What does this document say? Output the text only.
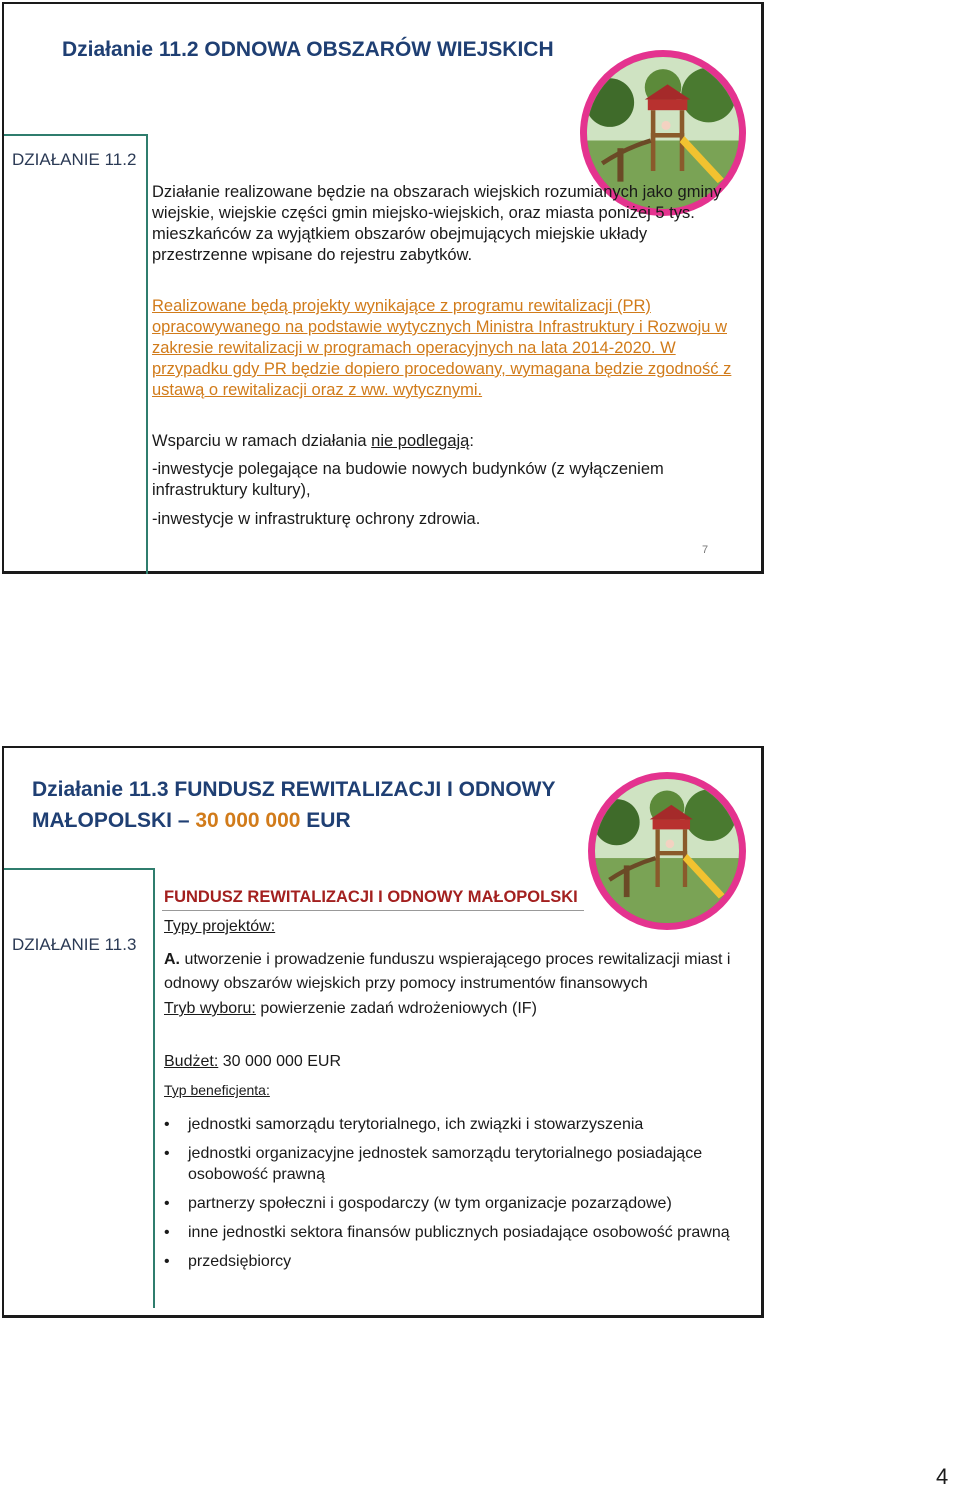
Działanie 11.2 ODNOWA OBSZARÓW WIEJSKICH
DZIAŁANIE 11.2
Działanie realizowane będzie na obszarach wiejskich rozumianych jako gminy wiejskie, wiejskie części gmin miejsko-wiejskich, oraz miasta poniżej 5 tys. mieszkańców za wyjątkiem obszarów obejmujących miejskie układy przestrzenne wpisane do rejestru zabytków.
Realizowane będą projekty wynikające z programu rewitalizacji (PR) opracowywanego na podstawie wytycznych Ministra Infrastruktury i Rozwoju w zakresie rewitalizacji w programach operacyjnych na lata 2014-2020. W przypadku gdy PR będzie dopiero procedowany, wymagana będzie zgodność z ustawą o rewitalizacji oraz z ww. wytycznymi.
Wsparciu w ramach działania nie podlegają:
-inwestycje polegające na budowie nowych budynków (z wyłączeniem infrastruktury kultury),
-inwestycje w infrastrukturę ochrony zdrowia.
7
Działanie 11.3 FUNDUSZ REWITALIZACJI I ODNOWY MAŁOPOLSKI – 30 000 000 EUR
DZIAŁANIE 11.3
FUNDUSZ REWITALIZACJI I ODNOWY MAŁOPOLSKI
Typy projektów:
A. utworzenie i prowadzenie funduszu wspierającego proces rewitalizacji miast i odnowy obszarów wiejskich przy pomocy instrumentów finansowych
Tryb wyboru: powierzenie zadań wdrożeniowych (IF)
Budżet: 30 000 000 EUR
Typ beneficjenta:
• jednostki samorządu terytorialnego, ich związki i stowarzyszenia
• jednostki organizacyjne jednostek samorządu terytorialnego posiadające osobowość prawną
• partnerzy społeczni i gospodarczy (w tym organizacje pozarządowe)
• inne jednostki sektora finansów publicznych posiadające osobowość prawną
• przedsiębiorcy
4
